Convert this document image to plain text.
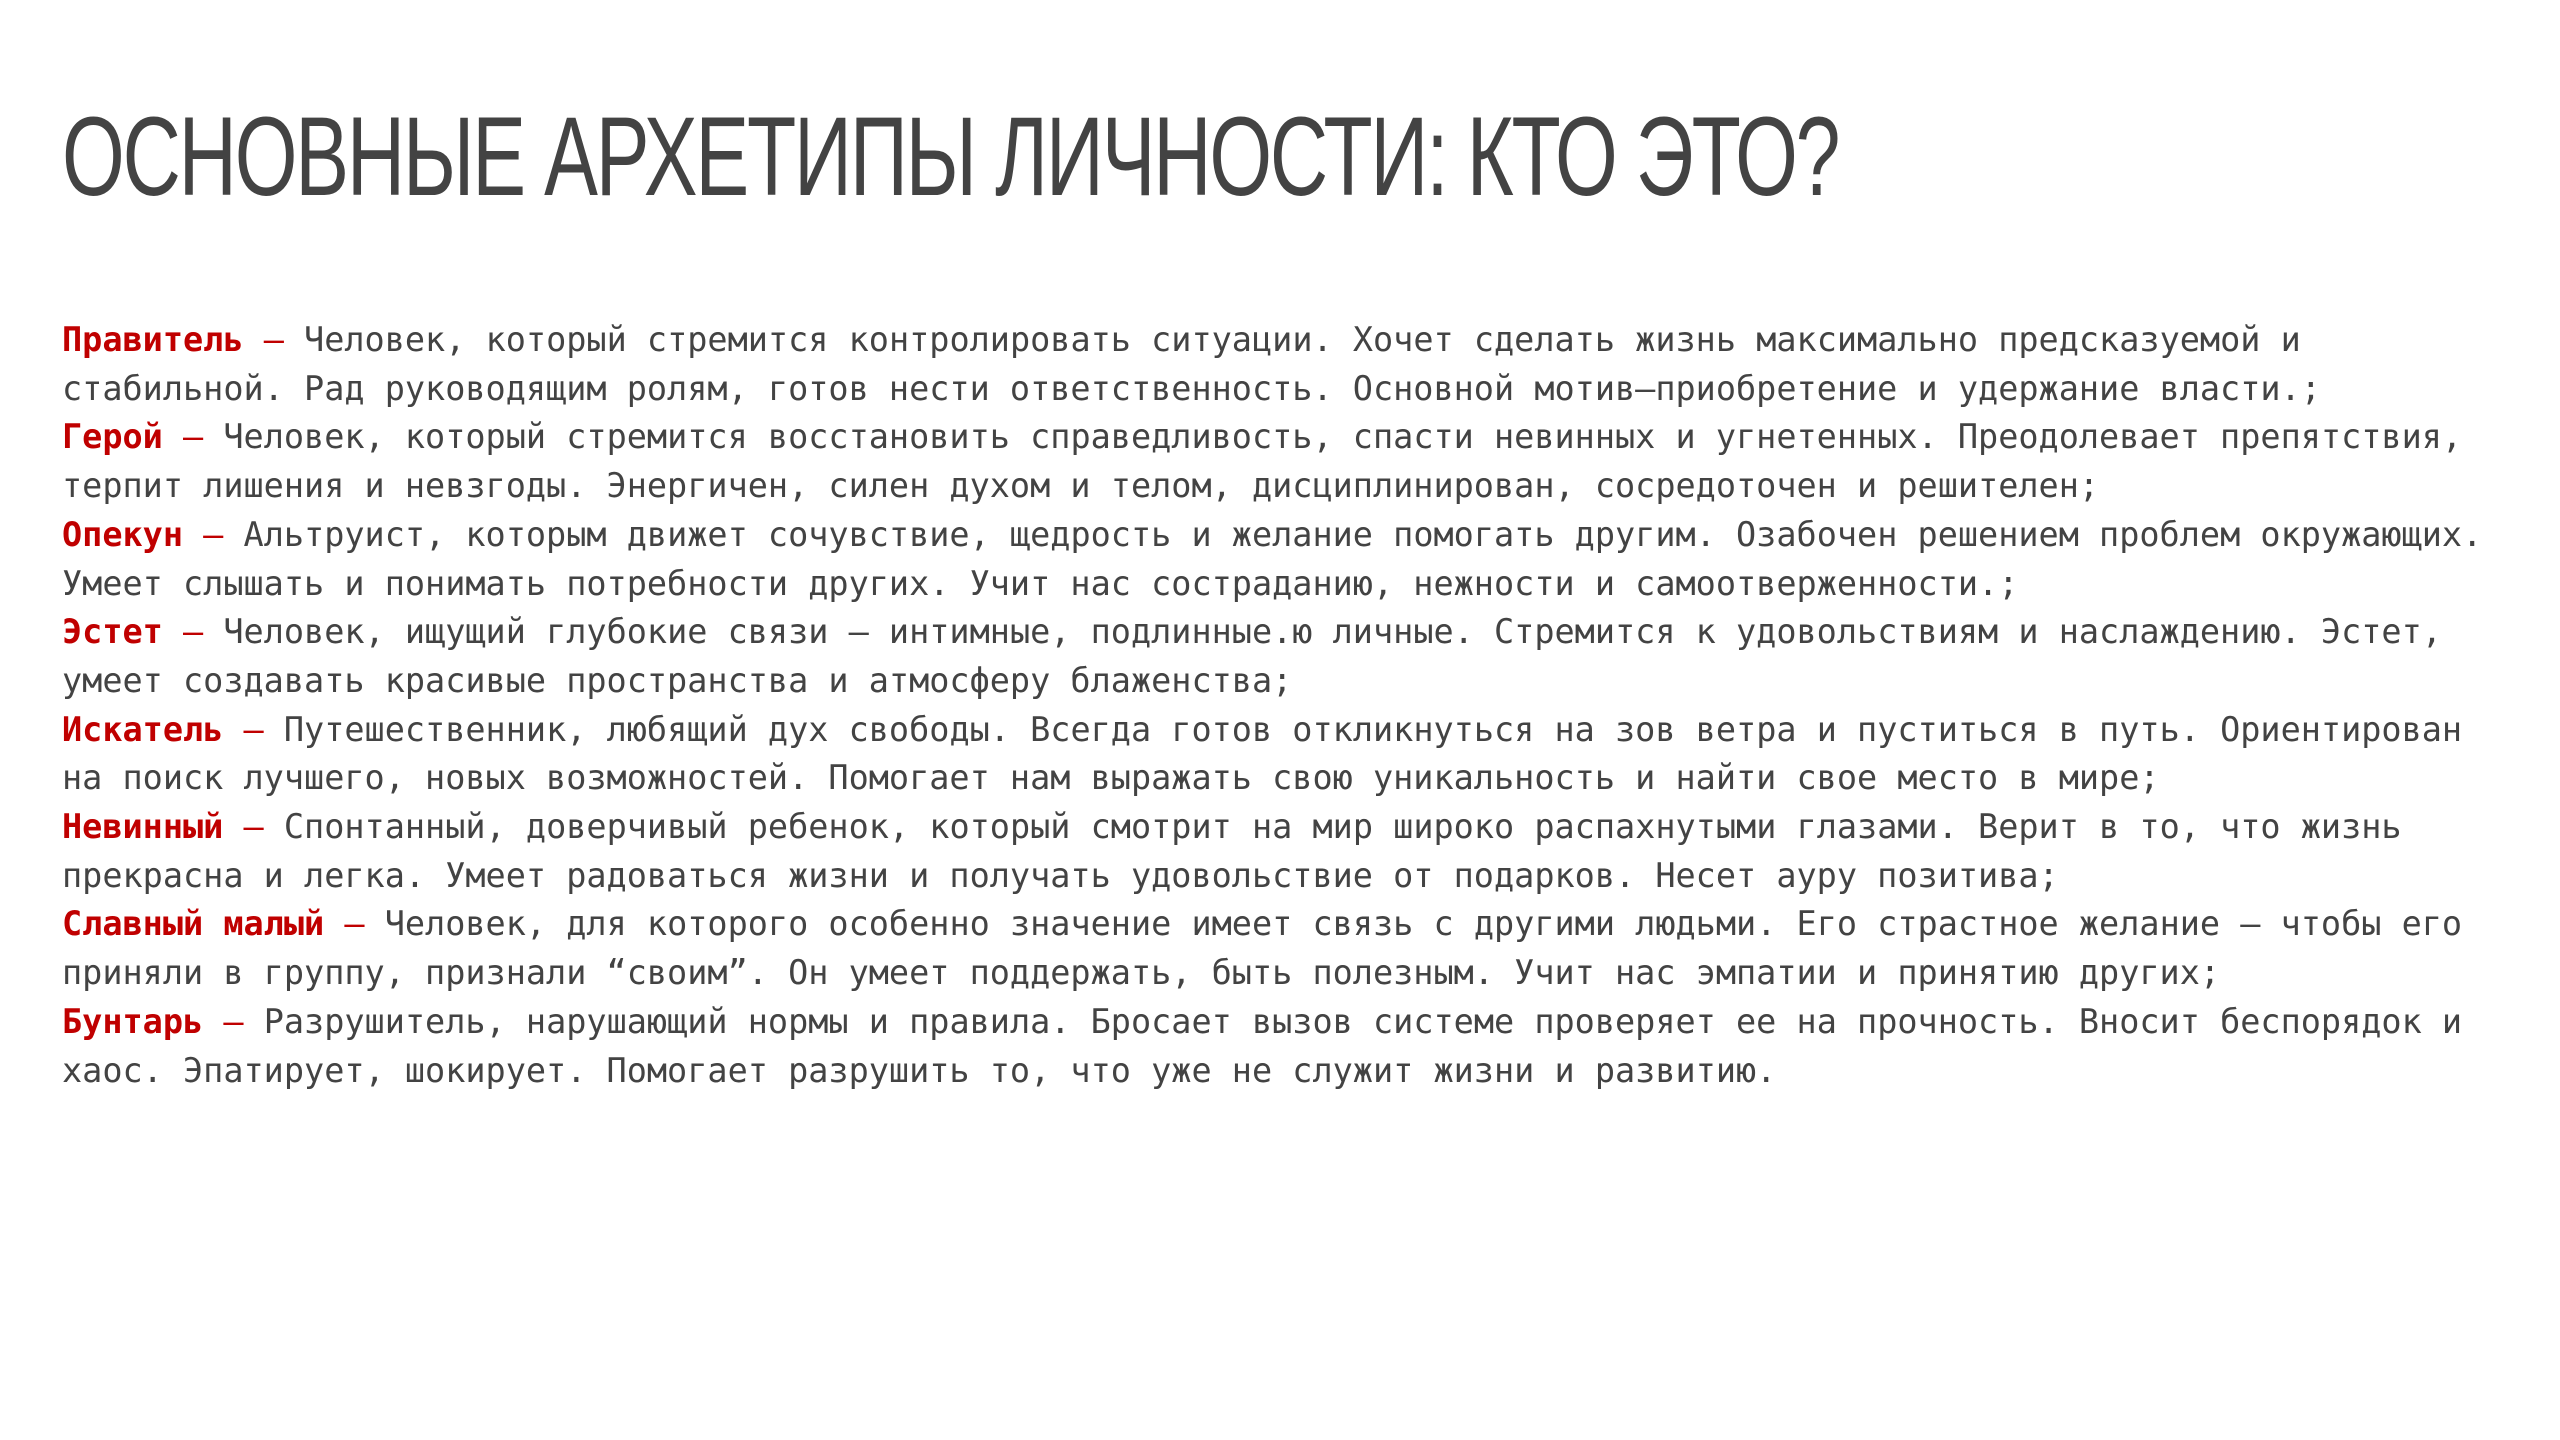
ОСНОВНЫЕ АРХЕТИПЫ ЛИЧНОСТИ: КТО ЭТО?

Правитель – Человек, который стремится контролировать ситуации. Хочет сделать жизнь максимально предсказуемой и стабильной. Рад руководящим ролям, готов нести ответственность. Основной мотив–приобретение и удержание власти.;

Герой – Человек, который стремится восстановить справедливость, спасти невинных и угнетенных. Преодолевает препятствия, терпит лишения и невзгоды. Энергичен, силен духом и телом, дисциплинирован, сосредоточен и решителен;

Опекун – Альтруист, которым движет сочувствие, щедрость и желание помогать другим. Озабочен решением проблем окружающих. Умеет слышать и понимать потребности других. Учит нас состраданию, нежности и самоотверженности.;

Эстет – Человек, ищущий глубокие связи – интимные, подлинные.ю личные. Стремится к удовольствиям и наслаждению. Эстет, умеет создавать красивые пространства и атмосферу блаженства;

Искатель – Путешественник, любящий дух свободы. Всегда готов откликнуться на зов ветра и пуститься в путь. Ориентирован на поиск лучшего, новых возможностей. Помогает нам выражать свою уникальность и найти свое место в мире;

Невинный – Спонтанный, доверчивый ребенок, который смотрит на мир широко распахнутыми глазами. Верит в то, что жизнь прекрасна и легка. Умеет радоваться жизни и получать удовольствие от подарков. Несет ауру позитива;

Славный малый – Человек, для которого особенно значение имеет связь с другими людьми. Его страстное желание – чтобы его приняли в группу, признали “своим”. Он умеет поддержать, быть полезным. Учит нас эмпатии и принятию других;

Бунтарь – Разрушитель, нарушающий нормы и правила. Бросает вызов системе проверяет ее на прочность. Вносит беспорядок и хаос. Эпатирует, шокирует. Помогает разрушить то, что уже не служит жизни и развитию.
